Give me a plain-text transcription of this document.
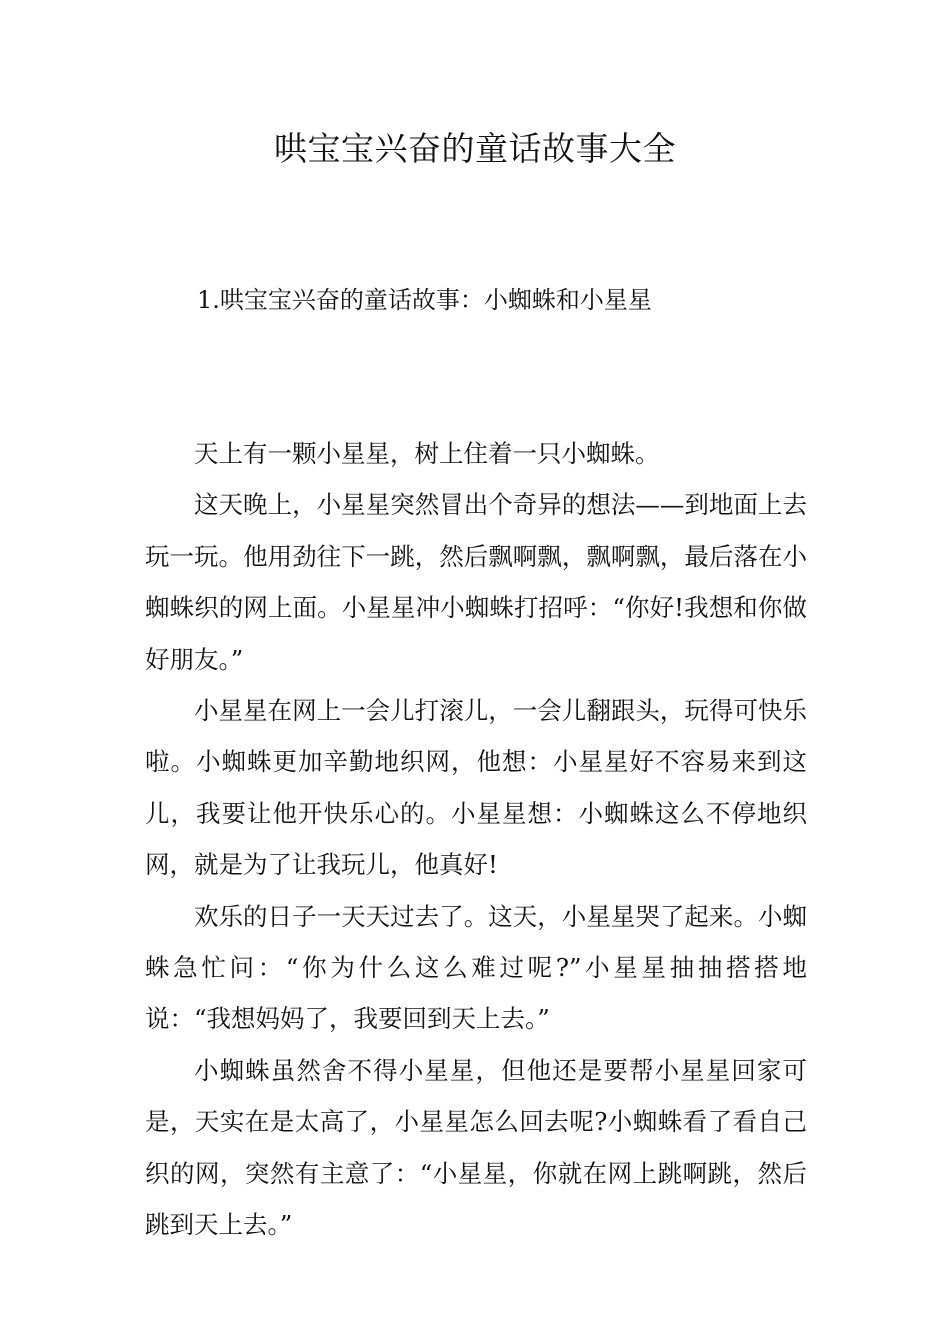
哄宝宝兴奋的童话故事大全
1.哄宝宝兴奋的童话故事：小蜘蛛和小星星

天上有一颗小星星，树上住着一只小蜘蛛。

这天晚上，小星星突然冒出个奇异的想法——到地面上去玩一玩。他用劲往下一跳，然后飘啊飘，飘啊飘，最后落在小蜘蛛织的网上面。小星星冲小蜘蛛打招呼：“你好!我想和你做好朋友。”

小星星在网上一会儿打滚儿，一会儿翻跟头，玩得可快乐啦。小蜘蛛更加辛勤地织网，他想：小星星好不容易来到这儿，我要让他开快乐心的。小星星想：小蜘蛛这么不停地织网，就是为了让我玩儿，他真好!

欢乐的日子一天天过去了。这天，小星星哭了起来。小蜘蛛急忙问：“你为什么这么难过呢?”小星星抽抽搭搭地说：“我想妈妈了，我要回到天上去。”

小蜘蛛虽然舍不得小星星，但他还是要帮小星星回家可是，天实在是太高了，小星星怎么回去呢?小蜘蛛看了看自己织的网，突然有主意了：“小星星，你就在网上跳啊跳，然后跳到天上去。”
